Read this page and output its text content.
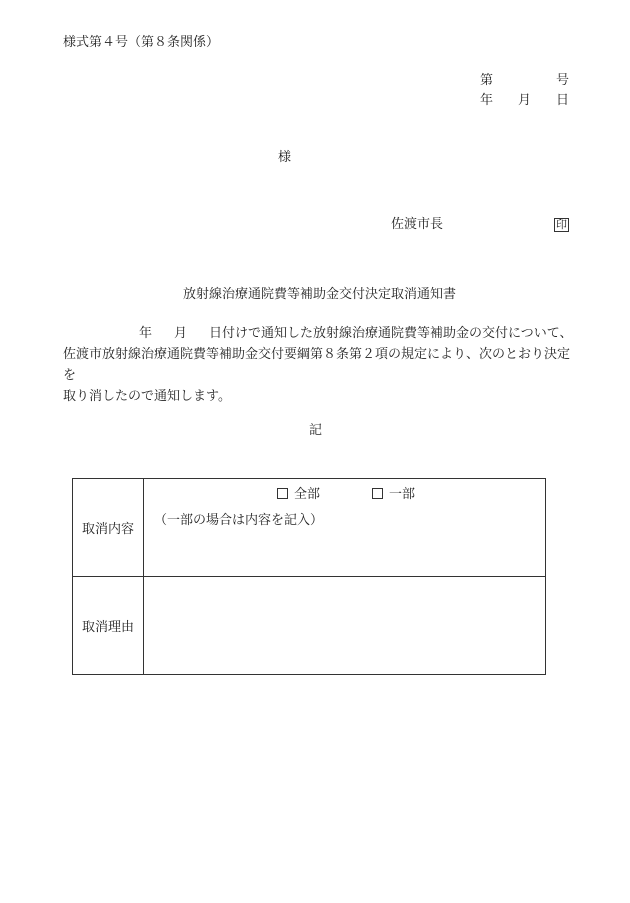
様式第４号（第８条関係）
第	号
年 月 日
様
佐渡市長	印
放射線治療通院費等補助金交付決定取消通知書
年 月 日付けで通知した放射線治療通院費等補助金の交付について、
佐渡市放射線治療通院費等補助金交付要綱第８条第２項の規定により、次のとおり決定を
取り消したので通知します。
記
取消内容	全部 一部
（一部の場合は内容を記入）

取消理由	
